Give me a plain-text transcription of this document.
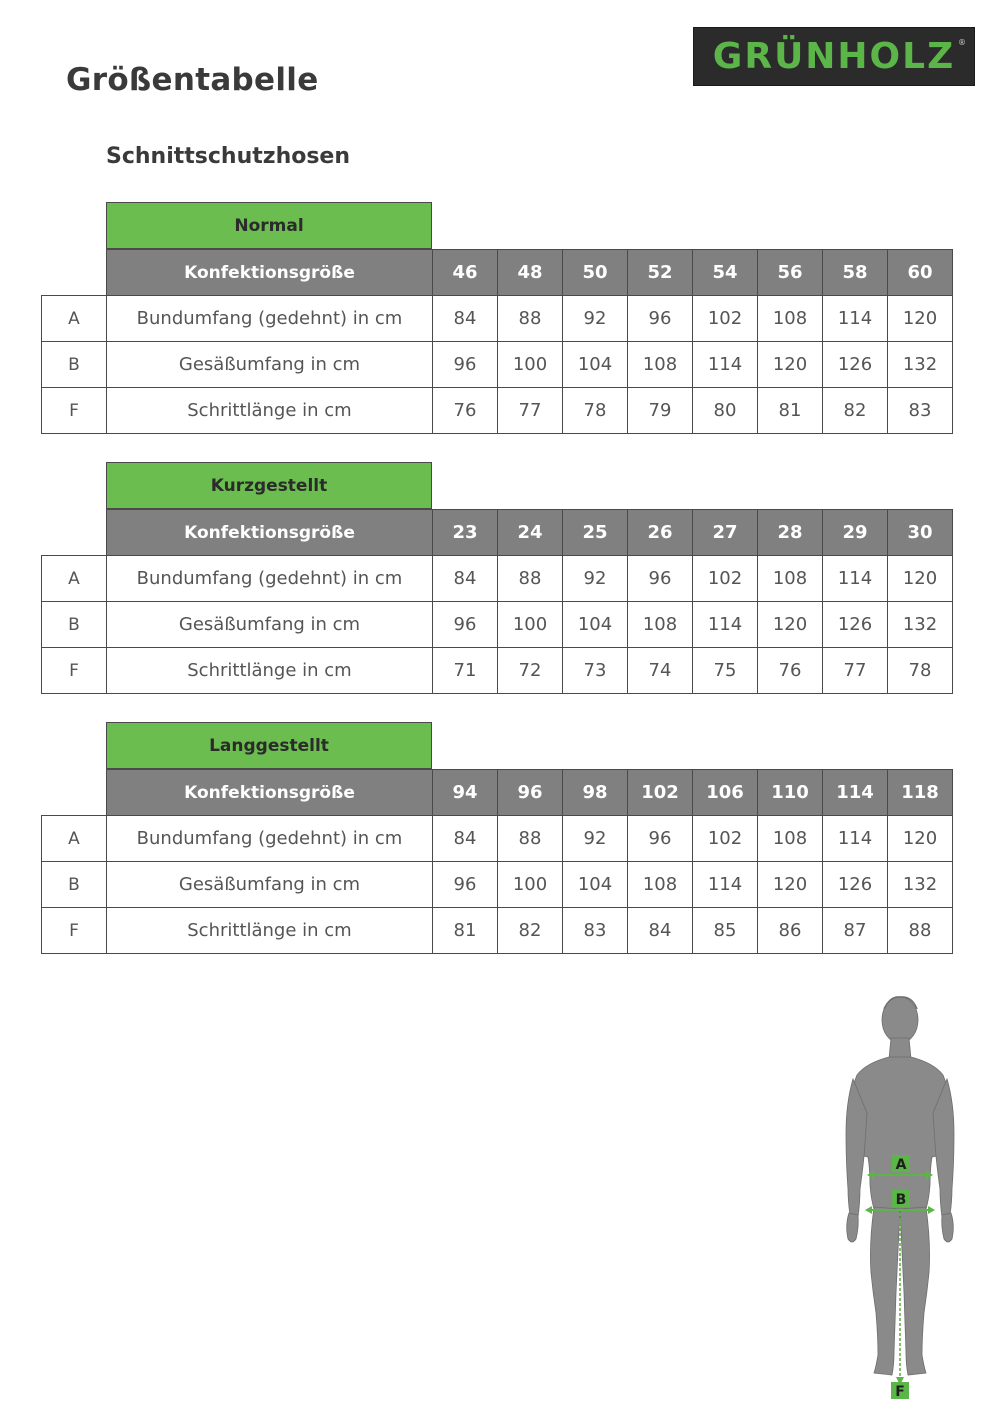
Größentabelle
GRÜNHOLZ ®
Schnittschutzhosen
Normal
	Konfektionsgröße	46	48	50	52	54	56	58	60
A	Bundumfang (gedehnt) in cm	84	88	92	96	102	108	114	120
B	Gesäßumfang in cm	96	100	104	108	114	120	126	132
F	Schrittlänge in cm	76	77	78	79	80	81	82	83
Kurzgestellt
	Konfektionsgröße	23	24	25	26	27	28	29	30
A	Bundumfang (gedehnt) in cm	84	88	92	96	102	108	114	120
B	Gesäßumfang in cm	96	100	104	108	114	120	126	132
F	Schrittlänge in cm	71	72	73	74	75	76	77	78
Langgestellt
	Konfektionsgröße	94	96	98	102	106	110	114	118
A	Bundumfang (gedehnt) in cm	84	88	92	96	102	108	114	120
B	Gesäßumfang in cm	96	100	104	108	114	120	126	132
F	Schrittlänge in cm	81	82	83	84	85	86	87	88
A
B
F
